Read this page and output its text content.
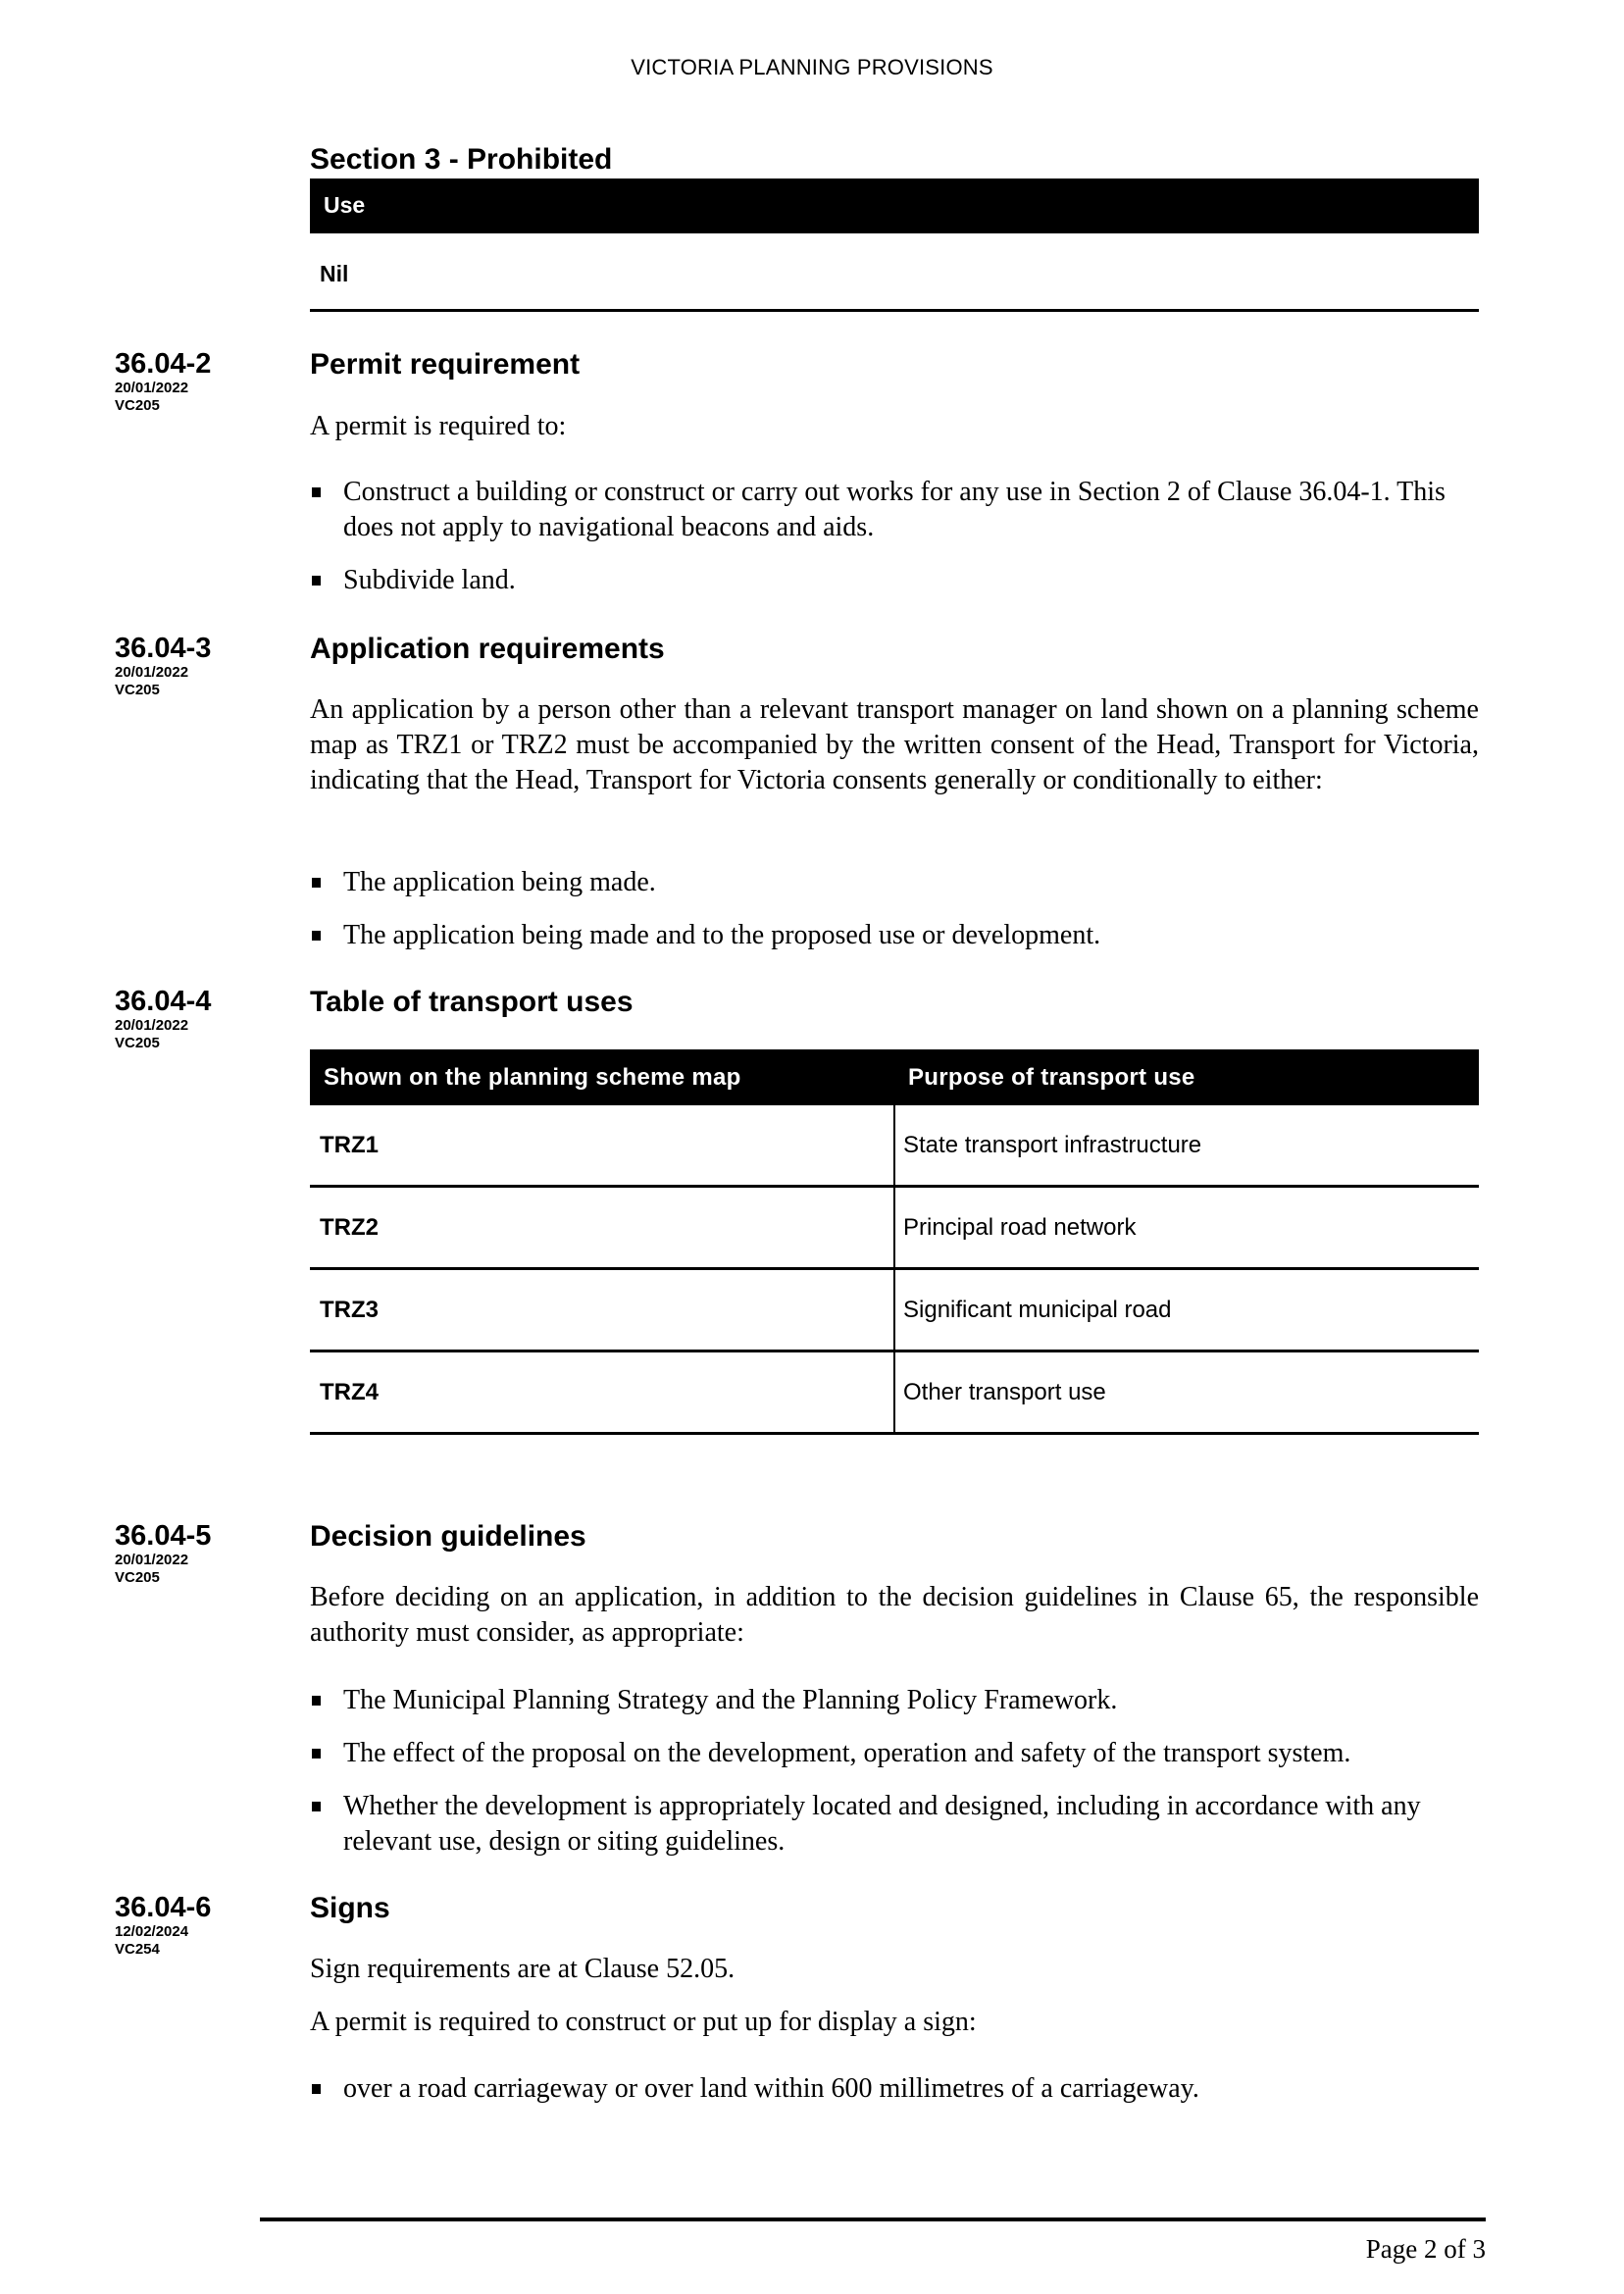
VICTORIA PLANNING PROVISIONS
Section 3 - Prohibited
Use
Nil
36.04-2
20/01/2022
VC205
Permit requirement
A permit is required to:
Construct a building or construct or carry out works for any use in Section 2 of Clause 36.04-1. This does not apply to navigational beacons and aids.
Subdivide land.
36.04-3
20/01/2022
VC205
Application requirements
An application by a person other than a relevant transport manager on land shown on a planning scheme map as TRZ1 or TRZ2 must be accompanied by the written consent of the Head, Transport for Victoria, indicating that the Head, Transport for Victoria consents generally or conditionally to either:
The application being made.
The application being made and to the proposed use or development.
36.04-4
20/01/2022
VC205
Table of transport uses
Shown on the planning scheme map	Purpose of transport use
TRZ1	State transport infrastructure
TRZ2	Principal road network
TRZ3	Significant municipal road
TRZ4	Other transport use
36.04-5
20/01/2022
VC205
Decision guidelines
Before deciding on an application, in addition to the decision guidelines in Clause 65, the responsible authority must consider, as appropriate:
The Municipal Planning Strategy and the Planning Policy Framework.
The effect of the proposal on the development, operation and safety of the transport system.
Whether the development is appropriately located and designed, including in accordance with any relevant use, design or siting guidelines.
36.04-6
12/02/2024
VC254
Signs
Sign requirements are at Clause 52.05.
A permit is required to construct or put up for display a sign:
over a road carriageway or over land within 600 millimetres of a carriageway.
Page 2 of 3
